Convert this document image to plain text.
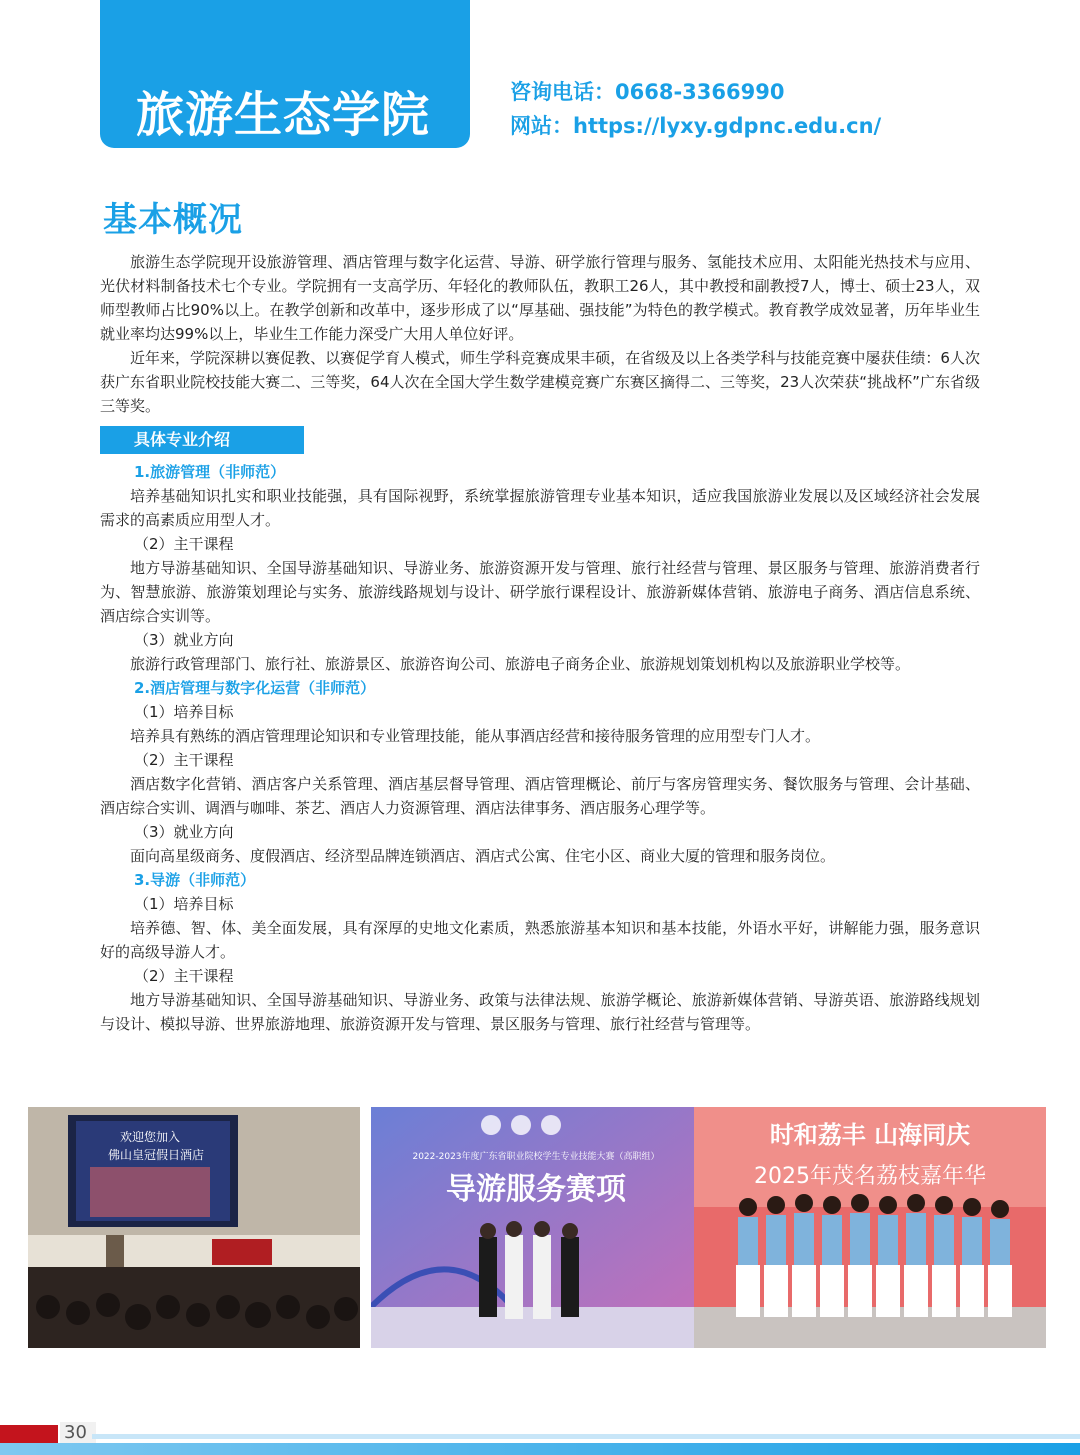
旅游生态学院	咨询电话：0668-3366990
网站：https://lyxy.gdpnc.edu.cn/
基本概况

旅游生态学院现开设旅游管理、酒店管理与数字化运营、导游、研学旅行管理与服务、氢能技术应用、太阳能光热技术与应用、光伏材料制备技术七个专业。学院拥有一支高学历、年轻化的教师队伍，教职工26人，其中教授和副教授7人，博士、硕士23人，双师型教师占比90%以上。在教学创新和改革中，逐步形成了以“厚基础、强技能”为特色的教学模式。教育教学成效显著，历年毕业生就业率均达99%以上，毕业生工作能力深受广大用人单位好评。

近年来，学院深耕以赛促教、以赛促学育人模式，师生学科竞赛成果丰硕，在省级及以上各类学科与技能竞赛中屡获佳绩：6人次获广东省职业院校技能大赛二、三等奖，64人次在全国大学生数学建模竞赛广东赛区摘得二、三等奖，23人次荣获“挑战杯”广东省级三等奖。

具体专业介绍

1.旅游管理（非师范）

培养基础知识扎实和职业技能强，具有国际视野，系统掌握旅游管理专业基本知识，适应我国旅游业发展以及区域经济社会发展需求的高素质应用型人才。

（2）主干课程

地方导游基础知识、全国导游基础知识、导游业务、旅游资源开发与管理、旅行社经营与管理、景区服务与管理、旅游消费者行为、智慧旅游、旅游策划理论与实务、旅游线路规划与设计、研学旅行课程设计、旅游新媒体营销、旅游电子商务、酒店信息系统、酒店综合实训等。

（3）就业方向

旅游行政管理部门、旅行社、旅游景区、旅游咨询公司、旅游电子商务企业、旅游规划策划机构以及旅游职业学校等。

2.酒店管理与数字化运营（非师范）

（1）培养目标

培养具有熟练的酒店管理理论知识和专业管理技能，能从事酒店经营和接待服务管理的应用型专门人才。

（2）主干课程

酒店数字化营销、酒店客户关系管理、酒店基层督导管理、酒店管理概论、前厅与客房管理实务、餐饮服务与管理、会计基础、酒店综合实训、调酒与咖啡、茶艺、酒店人力资源管理、酒店法律事务、酒店服务心理学等。

（3）就业方向

面向高星级商务、度假酒店、经济型品牌连锁酒店、酒店式公寓、住宅小区、商业大厦的管理和服务岗位。

3.导游（非师范）

（1）培养目标

培养德、智、体、美全面发展，具有深厚的史地文化素质，熟悉旅游基本知识和基本技能，外语水平好，讲解能力强，服务意识好的高级导游人才。

（2）主干课程

地方导游基础知识、全国导游基础知识、导游业务、政策与法律法规、旅游学概论、旅游新媒体营销、导游英语、旅游路线规划与设计、模拟导游、世界旅游地理、旅游资源开发与管理、景区服务与管理、旅行社经营与管理等。

欢迎您加入
佛山皇冠假日酒店	2022-2023年度广东省职业院校学生专业技能大赛（高职组）
导游服务赛项
时和荔丰 山海同庆
2025年茂名荔枝嘉年华
30
